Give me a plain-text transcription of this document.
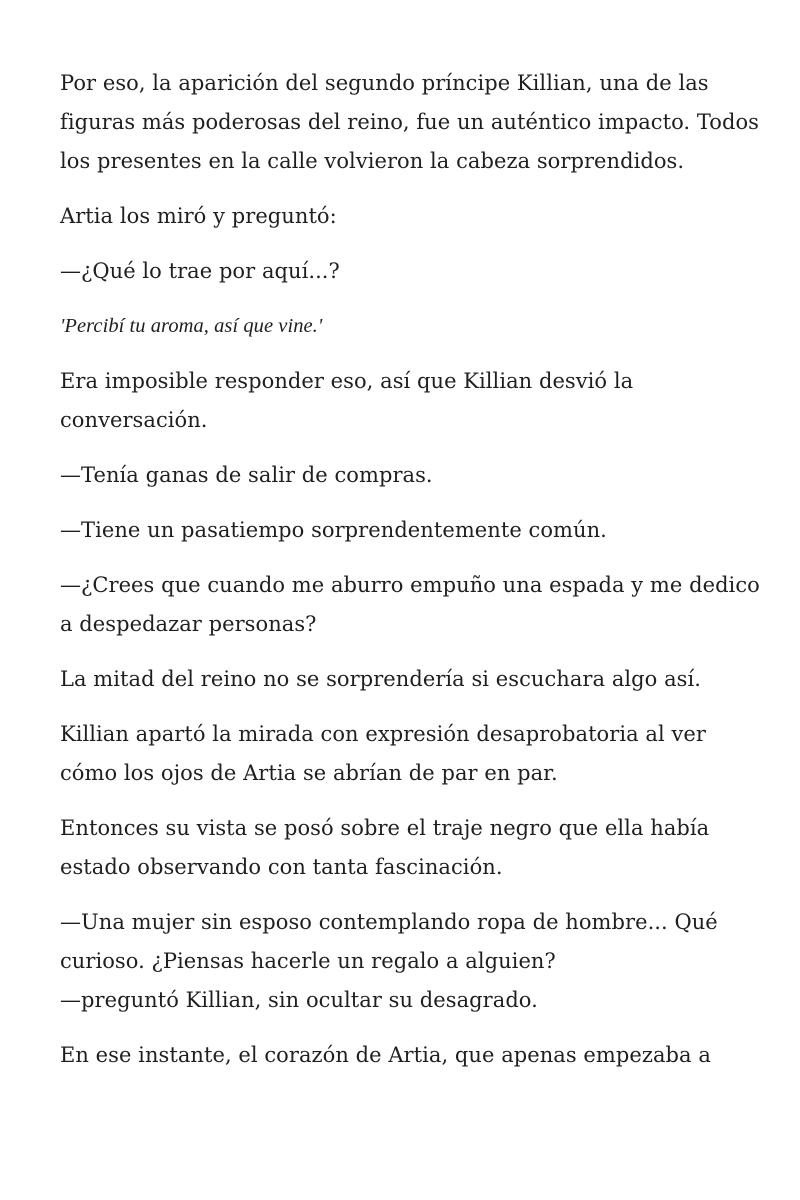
Por eso, la aparición del segundo príncipe Killian, una de las figuras más poderosas del reino, fue un auténtico impacto. Todos los presentes en la calle volvieron la cabeza sorprendidos.

Artia los miró y preguntó:

—¿Qué lo trae por aquí...?

'Percibí tu aroma, así que vine.'

Era imposible responder eso, así que Killian desvió la conversación.

—Tenía ganas de salir de compras.

—Tiene un pasatiempo sorprendentemente común.

—¿Crees que cuando me aburro empuño una espada y me dedico a despedazar personas?

La mitad del reino no se sorprendería si escuchara algo así.

Killian apartó la mirada con expresión desaprobatoria al ver cómo los ojos de Artia se abrían de par en par.

Entonces su vista se posó sobre el traje negro que ella había estado observando con tanta fascinación.

—Una mujer sin esposo contemplando ropa de hombre... Qué curioso. ¿Piensas hacerle un regalo a alguien?

—preguntó Killian, sin ocultar su desagrado.

En ese instante, el corazón de Artia, que apenas empezaba a
